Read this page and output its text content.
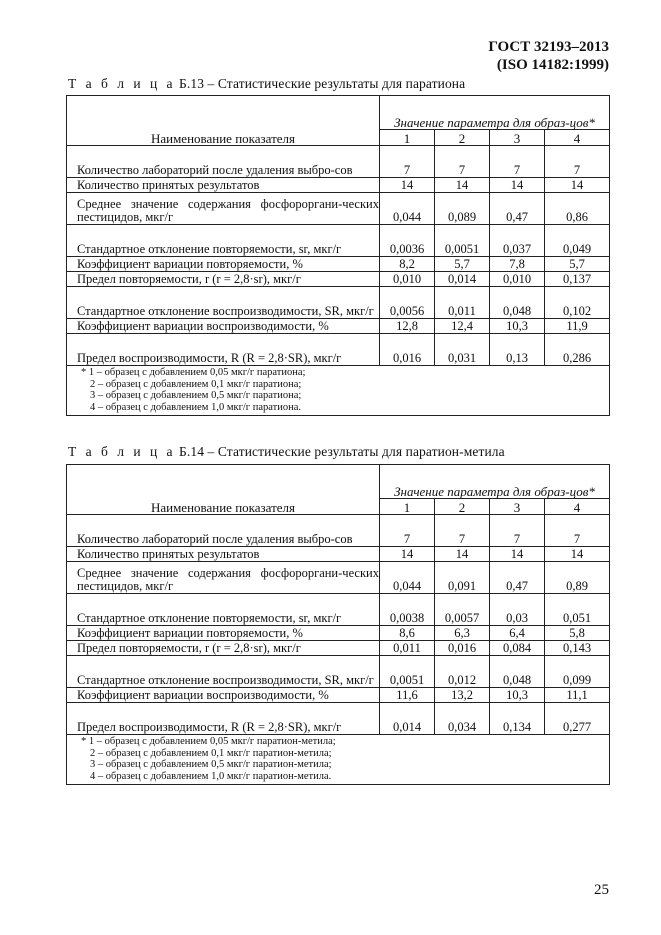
ГОСТ 32193–2013
(ISO 14182:1999)
Т а б л и ц а Б.13 – Статистические результаты для паратиона
Наименование показателя	Значение параметра для образ-цов*			
	1	2	3	4

Количество лабораторий после удаления выбро-сов	7	7	7	7

Количество принятых результатов	14	14	14	14

Среднее значение содержания фосфороргани-ческих пестицидов, мкг/г	0,044	0,089	0,47	0,86

Стандартное отклонение повторяемости, sr, мкг/г	0,0036	0,0051	0,037	0,049

Коэффициент вариации повторяемости, %	8,2	5,7	7,8	5,7

Предел повторяемости, r (r = 2,8·sr), мкг/г	0,010	0,014	0,010	0,137

Стандартное отклонение воспроизводимости, SR, мкг/г	0,0056	0,011	0,048	0,102

Коэффициент вариации воспроизводимости, %	12,8	12,4	10,3	11,9

Предел воспроизводимости, R (R = 2,8·SR), мкг/г	0,016	0,031	0,13	0,286

* 1 – образец с добавлением 0,05 мкг/г паратиона;
2 – образец с добавлением 0,1 мкг/г паратиона;
3 – образец с добавлением 0,5 мкг/г паратиона;
4 – образец с добавлением 1,0 мкг/г паратиона.				
Т а б л и ц а Б.14 – Статистические результаты для паратион-метила
Наименование показателя	Значение параметра для образ-цов*			
	1	2	3	4

Количество лабораторий после удаления выбро-сов	7	7	7	7

Количество принятых результатов	14	14	14	14

Среднее значение содержания фосфороргани-ческих пестицидов, мкг/г	0,044	0,091	0,47	0,89

Стандартное отклонение повторяемости, sr, мкг/г	0,0038	0,0057	0,03	0,051

Коэффициент вариации повторяемости, %	8,6	6,3	6,4	5,8

Предел повторяемости, r (r = 2,8·sr), мкг/г	0,011	0,016	0,084	0,143

Стандартное отклонение воспроизводимости, SR, мкг/г	0,0051	0,012	0,048	0,099

Коэффициент вариации воспроизводимости, %	11,6	13,2	10,3	11,1

Предел воспроизводимости, R (R = 2,8·SR), мкг/г	0,014	0,034	0,134	0,277

* 1 – образец с добавлением 0,05 мкг/г паратион-метила;
2 – образец с добавлением 0,1 мкг/г паратион-метила;
3 – образец с добавлением 0,5 мкг/г паратион-метила;
4 – образец с добавлением 1,0 мкг/г паратион-метила.				
25
